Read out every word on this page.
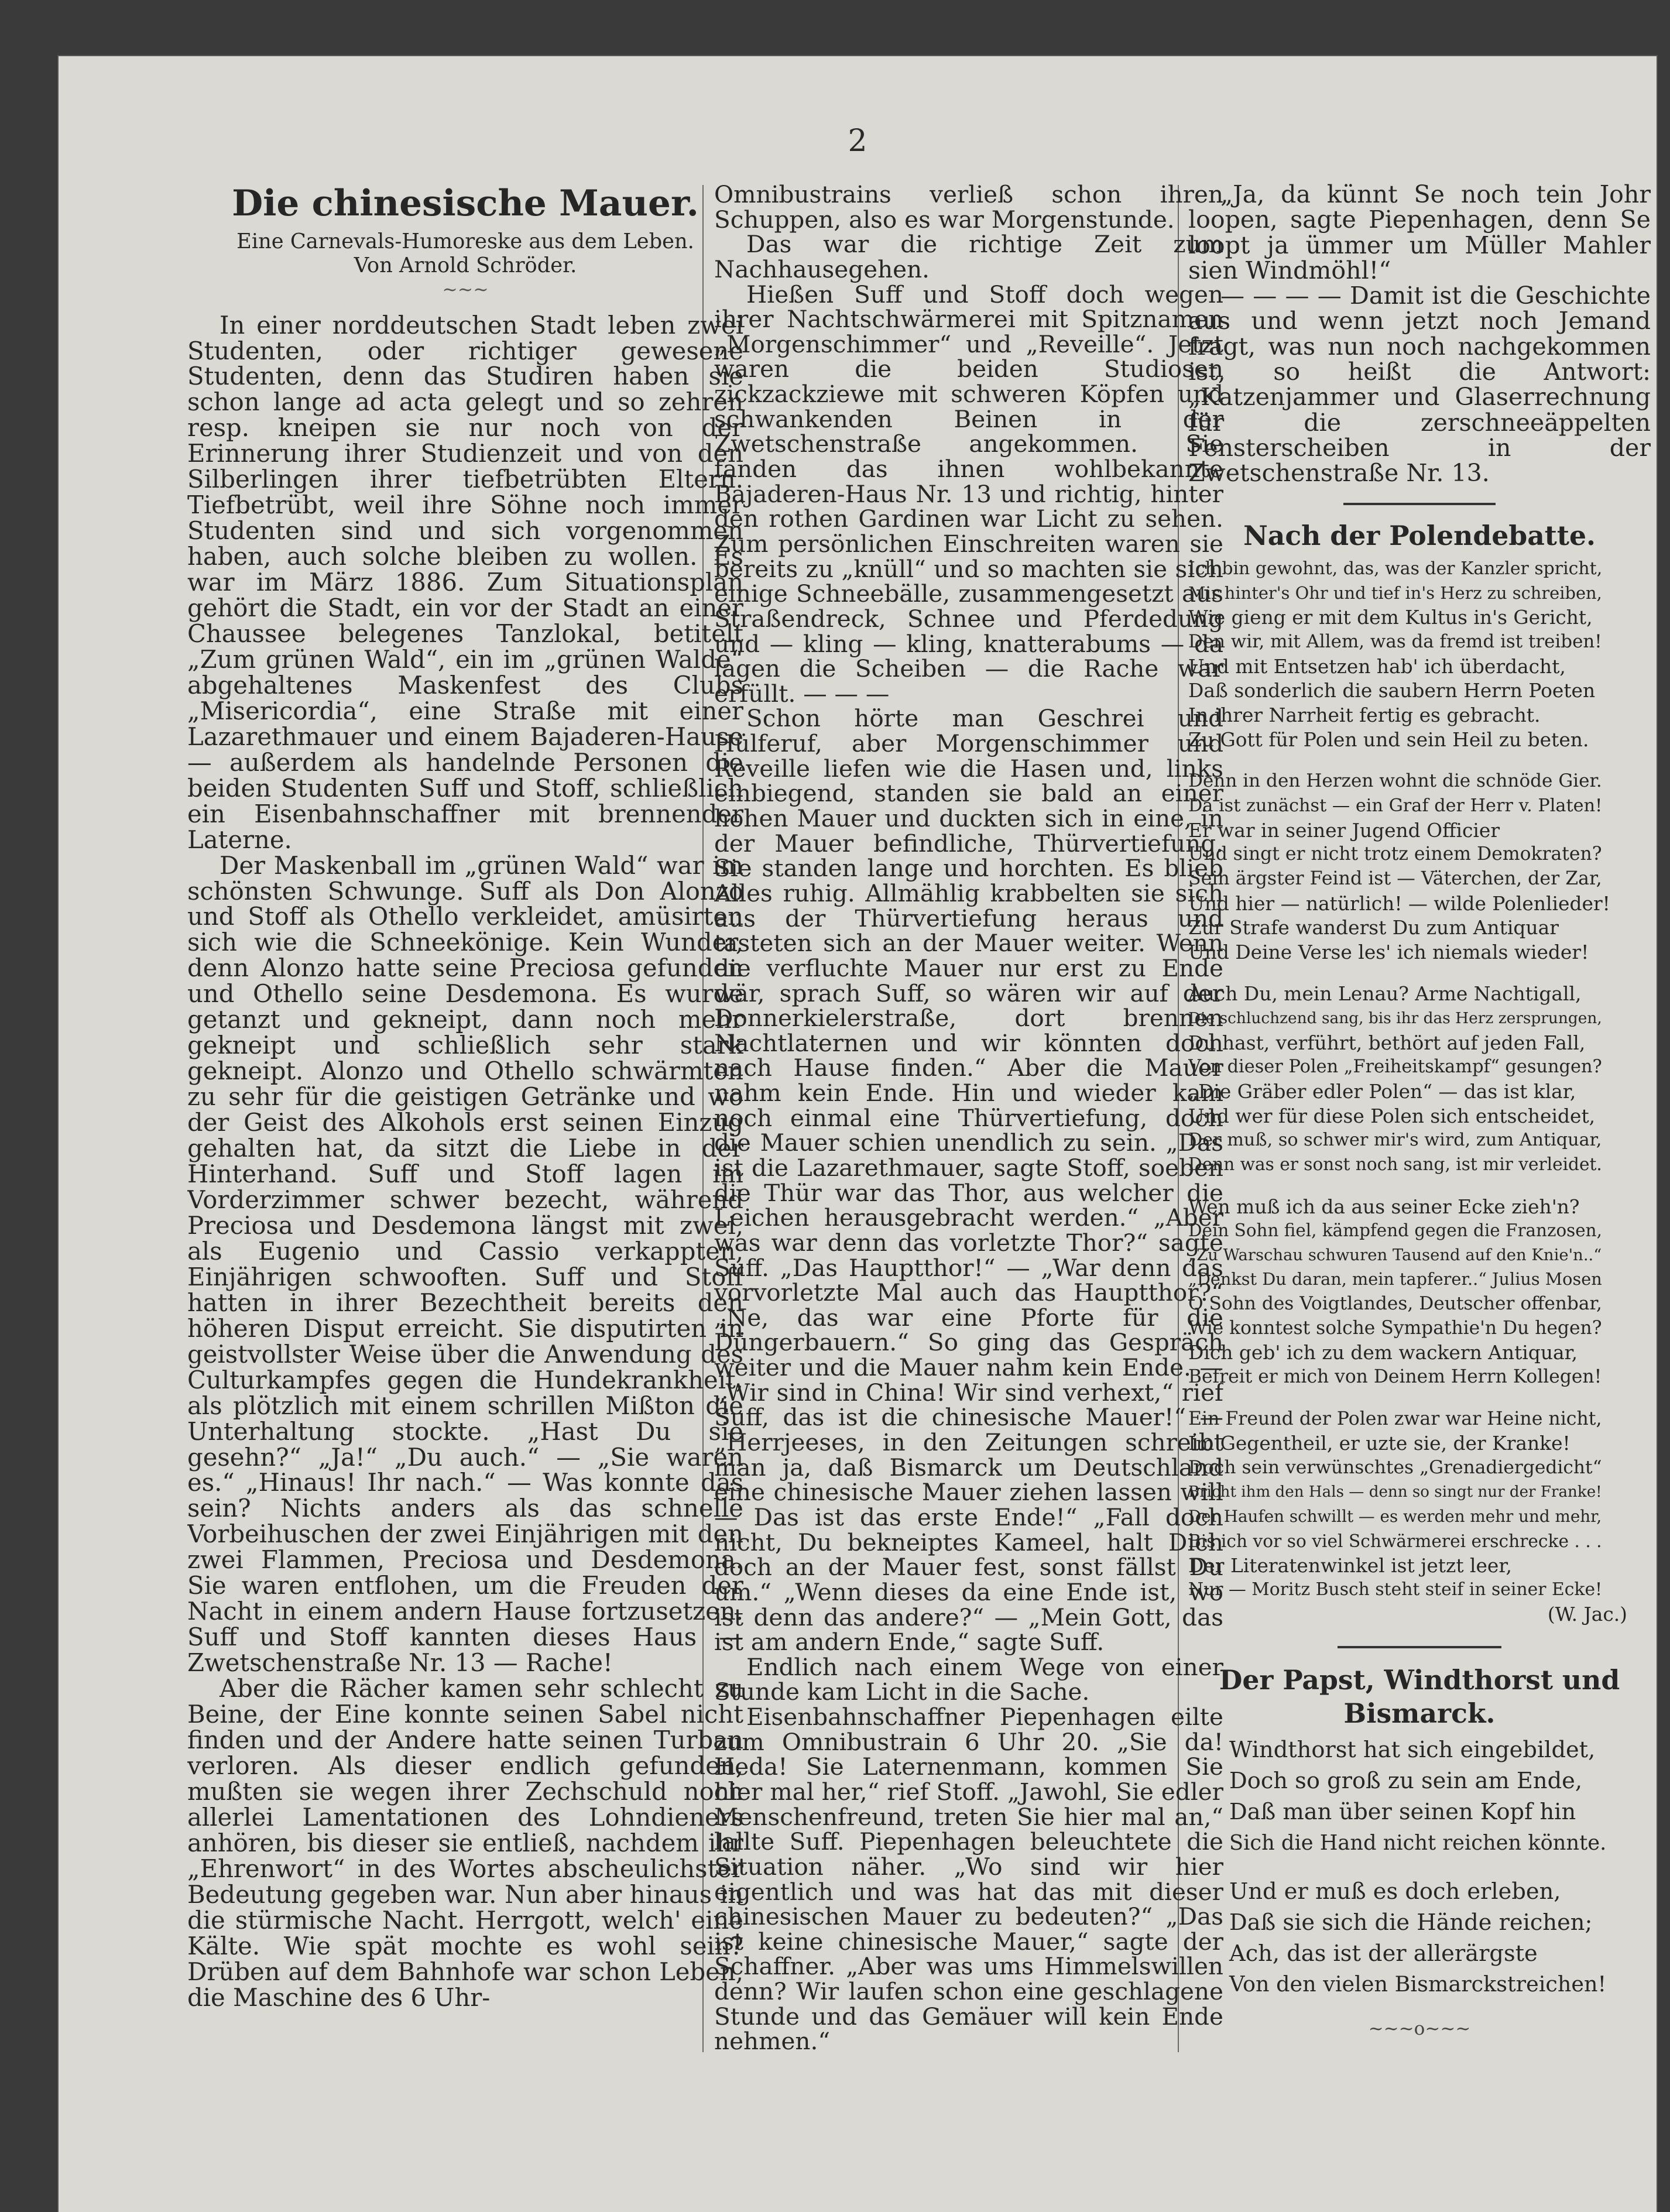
2
Die chinesische Mauer.
Eine Carnevals-Humoreske aus dem Leben.
Von Arnold Schröder.
∼∼∼
In einer norddeutschen Stadt leben zwei Studenten, oder richtiger gewesene Studenten, denn das Studiren haben sie schon lange ad acta gelegt und so zehren resp. kneipen sie nur noch von der Erinnerung ihrer Studienzeit und von den Silberlingen ihrer tiefbetrübten Eltern. Tiefbetrübt, weil ihre Söhne noch immer Studenten sind und sich vorgenommen haben, auch solche bleiben zu wollen. Es war im März 1886. Zum Situationsplan gehört die Stadt, ein vor der Stadt an einer Chaussee belegenes Tanzlokal, betitelt „Zum grünen Wald“, ein im „grünen Walde“ abgehaltenes Maskenfest des Clubs „Misericordia“, eine Straße mit einer Lazarethmauer und einem Bajaderen-Hause — außerdem als handelnde Personen die beiden Studenten Suff und Stoff, schließlich ein Eisenbahnschaffner mit brennender Laterne.
Der Maskenball im „grünen Wald“ war im schönsten Schwunge. Suff als Don Alonzo und Stoff als Othello verkleidet, amüsirten sich wie die Schneekönige. Kein Wunder, denn Alonzo hatte seine Preciosa gefunden und Othello seine Desdemona. Es wurde getanzt und gekneipt, dann noch mehr gekneipt und schließlich sehr stark gekneipt. Alonzo und Othello schwärmten zu sehr für die geistigen Getränke und wo der Geist des Alkohols erst seinen Einzug gehalten hat, da sitzt die Liebe in der Hinterhand. Suff und Stoff lagen im Vorderzimmer schwer bezecht, während Preciosa und Desdemona längst mit zwei, als Eugenio und Cassio verkappten, Einjährigen schwooften. Suff und Stoff hatten in ihrer Bezechtheit bereits den höheren Disput erreicht. Sie disputirten in geistvollster Weise über die Anwendung des Culturkampfes gegen die Hundekrankheit, als plötzlich mit einem schrillen Mißton die Unterhaltung stockte. „Hast Du sie gesehn?“ „Ja!“ „Du auch.“ — „Sie waren es.“ „Hinaus! Ihr nach.“ — Was konnte das sein? Nichts anders als das schnelle Vorbeihuschen der zwei Einjährigen mit den zwei Flammen, Preciosa und Desdemona. Sie waren entflohen, um die Freuden der Nacht in einem andern Hause fortzusetzen. Suff und Stoff kannten dieses Haus — Zwetschenstraße Nr. 13 — Rache!
Aber die Rächer kamen sehr schlecht zu Beine, der Eine konnte seinen Sabel nicht finden und der Andere hatte seinen Turban verloren. Als dieser endlich gefunden, mußten sie wegen ihrer Zechschuld noch allerlei Lamentationen des Lohndieners anhören, bis dieser sie entließ, nachdem ihr „Ehrenwort“ in des Wortes abscheulichster Bedeutung gegeben war. Nun aber hinaus in die stürmische Nacht. Herrgott, welch' eine Kälte. Wie spät mochte es wohl sein? Drüben auf dem Bahnhofe war schon Leben, die Maschine des 6 Uhr-
Omnibustrains verließ schon ihren Schuppen, also es war Morgenstunde.
Das war die richtige Zeit zum Nachhausegehen.
Hießen Suff und Stoff doch wegen ihrer Nachtschwärmerei mit Spitznamen „Morgenschimmer“ und „Reveille“. Jetzt waren die beiden Studiosen zickzackziewe mit schweren Köpfen und schwankenden Beinen in der Zwetschenstraße angekommen. Sie fanden das ihnen wohlbekannte Bajaderen-Haus Nr. 13 und richtig, hinter den rothen Gardinen war Licht zu sehen. Zum persönlichen Einschreiten waren sie bereits zu „knüll“ und so machten sie sich einige Schneebälle, zusammengesetzt aus Straßendreck, Schnee und Pferdedung und — kling — kling, knatterabums — da lagen die Scheiben — die Rache war erfüllt. — — —
Schon hörte man Geschrei und Hülferuf, aber Morgenschimmer und Reveille liefen wie die Hasen und, links einbiegend, standen sie bald an einer hohen Mauer und duckten sich in eine, in der Mauer befindliche, Thürvertiefung. Sie standen lange und horchten. Es blieb Alles ruhig. Allmählig krabbelten sie sich aus der Thürvertiefung heraus und tasteten sich an der Mauer weiter. Wenn die verfluchte Mauer nur erst zu Ende wär, sprach Suff, so wären wir auf der Donnerkielerstraße, dort brennen Nachtlaternen und wir könnten doch nach Hause finden.“ Aber die Mauer nahm kein Ende. Hin und wieder kam noch einmal eine Thürvertiefung, doch die Mauer schien unendlich zu sein. „Das ist die Lazarethmauer, sagte Stoff, soeben die Thür war das Thor, aus welcher die Leichen herausgebracht werden.“ „Aber was war denn das vorletzte Thor?“ sagte Suff. „Das Hauptthor!“ — „War denn das vorvorletzte Mal auch das Hauptthor?“ „Ne, das war eine Pforte für die Düngerbauern.“ So ging das Gespräch weiter und die Mauer nahm kein Ende. — „Wir sind in China! Wir sind verhext,“ rief Suff, das ist die chinesische Mauer!“ — „Herrjeeses, in den Zeitungen schreibt man ja, daß Bismarck um Deutschland eine chinesische Mauer ziehen lassen will — Das ist das erste Ende!“ „Fall doch nicht, Du bekneiptes Kameel, halt Dich doch an der Mauer fest, sonst fällst Du um.“ „Wenn dieses da eine Ende ist, wo ist denn das andere?“ — „Mein Gott, das ist am andern Ende,“ sagte Suff.
Endlich nach einem Wege von einer Stunde kam Licht in die Sache.
Eisenbahnschaffner Piepenhagen eilte zum Omnibustrain 6 Uhr 20. „Sie da! Heda! Sie Laternenmann, kommen Sie hier mal her,“ rief Stoff. „Jawohl, Sie edler Menschenfreund, treten Sie hier mal an,“ lallte Suff. Piepenhagen beleuchtete die Situation näher. „Wo sind wir hier eigentlich und was hat das mit dieser chinesischen Mauer zu bedeuten?“ „Das ist keine chinesische Mauer,“ sagte der Schaffner. „Aber was ums Himmelswillen denn? Wir laufen schon eine geschlagene Stunde und das Gemäuer will kein Ende nehmen.“
„Ja, da künnt Se noch tein Johr loopen, sagte Piepenhagen, denn Se loopt ja ümmer um Müller Mahler sien Windmöhl!“
— — — — Damit ist die Geschichte aus und wenn jetzt noch Jemand fragt, was nun noch nachgekommen ist, so heißt die Antwort: „Katzenjammer und Glaserrechnung für die zerschneeäppelten Fensterscheiben in der Zwetschenstraße Nr. 13.
Nach der Polendebatte.
Ich bin gewohnt, das, was der Kanzler spricht,
Mir hinter's Ohr und tief in's Herz zu schreiben,
Wie gieng er mit dem Kultus in's Gericht,
Den wir, mit Allem, was da fremd ist treiben!
Und mit Entsetzen hab' ich überdacht,
Daß sonderlich die saubern Herrn Poeten
In ihrer Narrheit fertig es gebracht.
Zu Gott für Polen und sein Heil zu beten.
Denn in den Herzen wohnt die schnöde Gier.
Da ist zunächst — ein Graf der Herr v. Platen!
Er war in seiner Jugend Officier
Und singt er nicht trotz einem Demokraten?
Sein ärgster Feind ist — Väterchen, der Zar,
Und hier — natürlich! — wilde Polenlieder!
Zur Strafe wanderst Du zum Antiquar
Und Deine Verse les' ich niemals wieder!
Auch Du, mein Lenau? Arme Nachtigall,
Die schluchzend sang, bis ihr das Herz zersprungen,
Du hast, verführt, bethört auf jeden Fall,
Von dieser Polen „Freiheitskampf“ gesungen?
„Die Gräber edler Polen“ — das ist klar,
Und wer für diese Polen sich entscheidet,
Der muß, so schwer mir's wird, zum Antiquar,
Denn was er sonst noch sang, ist mir verleidet.
Wen muß ich da aus seiner Ecke zieh'n?
Dein Sohn fiel, kämpfend gegen die Franzosen,
„Zu Warschau schwuren Tausend auf den Knie'n..“
„Denkst Du daran, mein tapferer..“ Julius Mosen
O Sohn des Voigtlandes, Deutscher offenbar,
Wie konntest solche Sympathie'n Du hegen?
Dich geb' ich zu dem wackern Antiquar,
Befreit er mich von Deinem Herrn Kollegen!
Ein Freund der Polen zwar war Heine nicht,
Im Gegentheil, er uzte sie, der Kranke!
Doch sein verwünschtes „Grenadiergedicht“
Bricht ihm den Hals — denn so singt nur der Franke!
Der Haufen schwillt — es werden mehr und mehr,
Bis ich vor so viel Schwärmerei erschrecke . . .
Der Literatenwinkel ist jetzt leer,
Nur — Moritz Busch steht steif in seiner Ecke!
(W. Jac.)
Der Papst, Windthorst und Bismarck.
Windthorst hat sich eingebildet,
Doch so groß zu sein am Ende,
Daß man über seinen Kopf hin
Sich die Hand nicht reichen könnte.
Und er muß es doch erleben,
Daß sie sich die Hände reichen;
Ach, das ist der allerärgste
Von den vielen Bismarckstreichen!
~~~o~~~
